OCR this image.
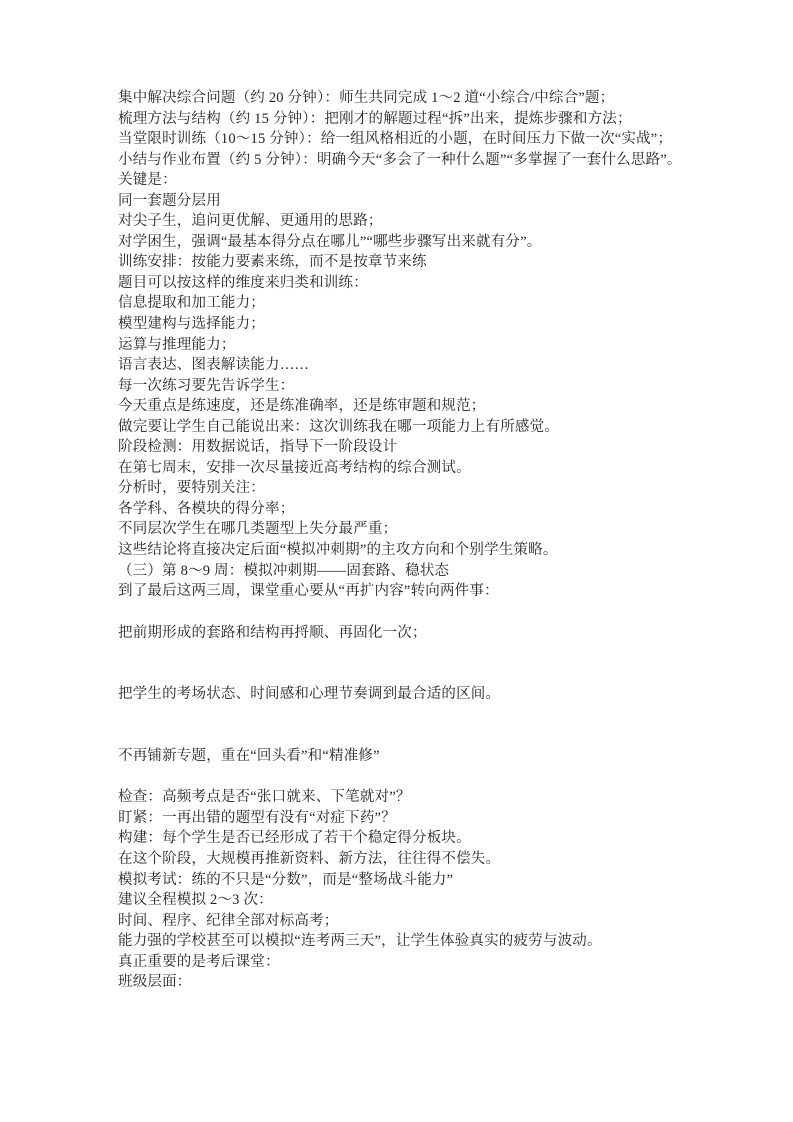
集中解决综合问题（约 20 分钟）：师生共同完成 1～2 道“小综合/中综合”题；
梳理方法与结构（约 15 分钟）：把刚才的解题过程“拆”出来，提炼步骤和方法；
当堂限时训练（10～15 分钟）：给一组风格相近的小题，在时间压力下做一次“实战”；
小结与作业布置（约 5 分钟）：明确今天“多会了一种什么题”“多掌握了一套什么思路”。
关键是：
同一套题分层用
对尖子生，追问更优解、更通用的思路；
对学困生，强调“最基本得分点在哪儿”“哪些步骤写出来就有分”。
训练安排：按能力要素来练，而不是按章节来练
题目可以按这样的维度来归类和训练：
信息提取和加工能力；
模型建构与选择能力；
运算与推理能力；
语言表达、图表解读能力……
每一次练习要先告诉学生：
今天重点是练速度，还是练准确率，还是练审题和规范；
做完要让学生自己能说出来：这次训练我在哪一项能力上有所感觉。
阶段检测：用数据说话，指导下一阶段设计
在第七周末，安排一次尽量接近高考结构的综合测试。
分析时，要特别关注：
各学科、各模块的得分率；
不同层次学生在哪几类题型上失分最严重；
这些结论将直接决定后面“模拟冲刺期”的主攻方向和个别学生策略。
（三）第 8～9 周：模拟冲刺期——固套路、稳状态
到了最后这两三周，课堂重心要从“再扩内容”转向两件事：
把前期形成的套路和结构再捋顺、再固化一次；
把学生的考场状态、时间感和心理节奏调到最合适的区间。
不再铺新专题，重在“回头看”和“精准修”
检查：高频考点是否“张口就来、下笔就对”？
盯紧：一再出错的题型有没有“对症下药”？
构建：每个学生是否已经形成了若干个稳定得分板块。
在这个阶段，大规模再推新资料、新方法，往往得不偿失。
模拟考试：练的不只是“分数”，而是“整场战斗能力”
建议全程模拟 2～3 次：
时间、程序、纪律全部对标高考；
能力强的学校甚至可以模拟“连考两三天”，让学生体验真实的疲劳与波动。
真正重要的是考后课堂：
班级层面：
